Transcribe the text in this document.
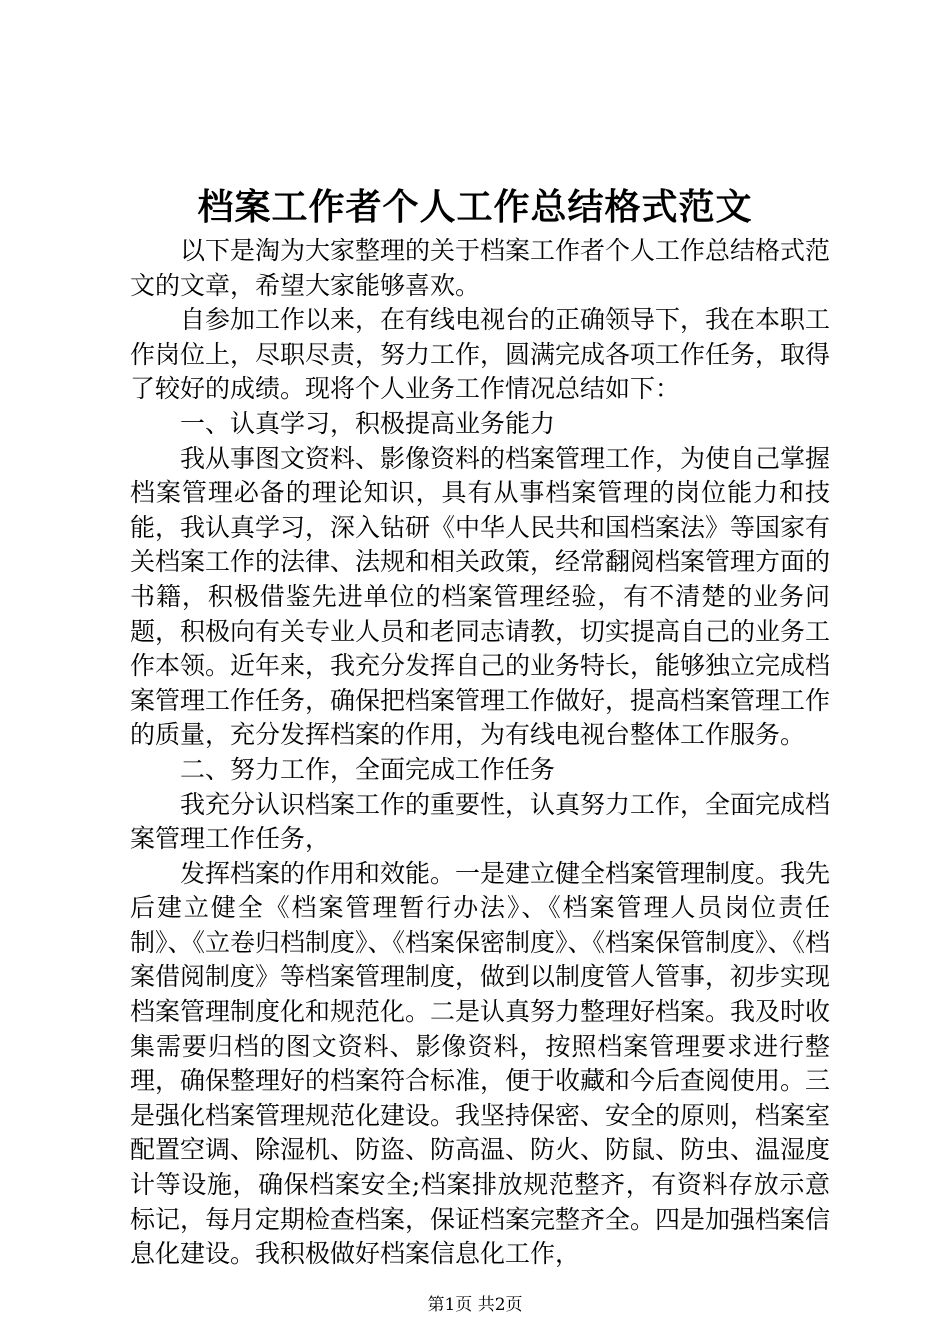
档案工作者个人工作总结格式范文

以下是淘为大家整理的关于档案工作者个人工作总结格式范文的文章，希望大家能够喜欢。

自参加工作以来，在有线电视台的正确领导下，我在本职工作岗位上，尽职尽责，努力工作，圆满完成各项工作任务，取得了较好的成绩。现将个人业务工作情况总结如下：

一、认真学习，积极提高业务能力

我从事图文资料、影像资料的档案管理工作，为使自己掌握档案管理必备的理论知识，具有从事档案管理的岗位能力和技能，我认真学习，深入钻研《中华人民共和国档案法》等国家有关档案工作的法律、法规和相关政策，经常翻阅档案管理方面的书籍，积极借鉴先进单位的档案管理经验，有不清楚的业务问题，积极向有关专业人员和老同志请教，切实提高自己的业务工作本领。近年来，我充分发挥自己的业务特长，能够独立完成档案管理工作任务，确保把档案管理工作做好，提高档案管理工作的质量，充分发挥档案的作用，为有线电视台整体工作服务。

二、努力工作，全面完成工作任务

我充分认识档案工作的重要性，认真努力工作，全面完成档案管理工作任务，

发挥档案的作用和效能。一是建立健全档案管理制度。我先后建立健全《档案管理暂行办法》、《档案管理人员岗位责任制》、《立卷归档制度》、《档案保密制度》、《档案保管制度》、《档案借阅制度》等档案管理制度，做到以制度管人管事，初步实现档案管理制度化和规范化。二是认真努力整理好档案。我及时收集需要归档的图文资料、影像资料，按照档案管理要求进行整理，确保整理好的档案符合标准，便于收藏和今后查阅使用。三是强化档案管理规范化建设。我坚持保密、安全的原则，档案室配置空调、除湿机、防盗、防高温、防火、防鼠、防虫、温湿度计等设施，确保档案安全;档案排放规范整齐，有资料存放示意标记，每月定期检查档案，保证档案完整齐全。四是加强档案信息化建设。我积极做好档案信息化工作，

第1页 共2页
